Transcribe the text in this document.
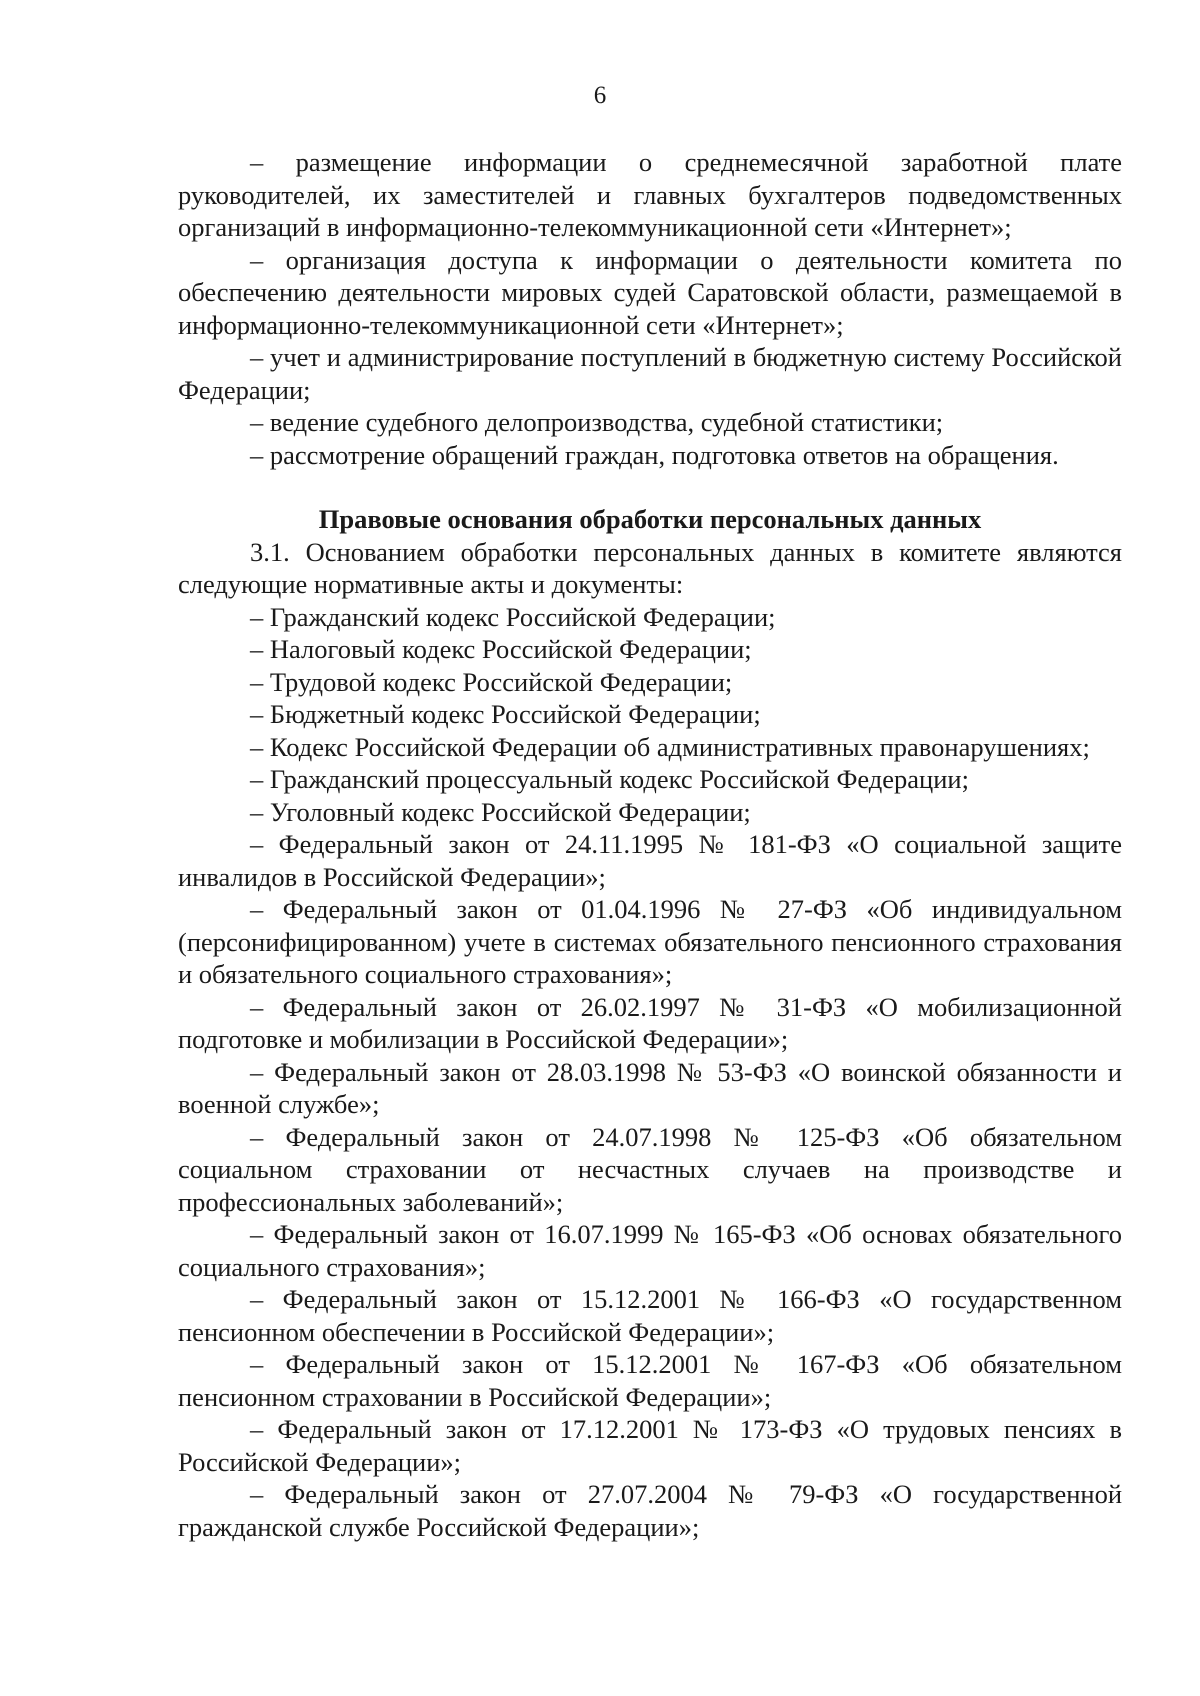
6

– размещение информации о среднемесячной заработной плате руководителей, их заместителей и главных бухгалтеров подведомственных организаций в информационно-телекоммуникационной сети «Интернет»;

– организация доступа к информации о деятельности комитета по обеспечению деятельности мировых судей Саратовской области, размещаемой в информационно-телекоммуникационной сети «Интернет»;

– учет и администрирование поступлений в бюджетную систему Российской Федерации;

– ведение судебного делопроизводства, судебной статистики;

– рассмотрение обращений граждан, подготовка ответов на обращения.

Правовые основания обработки персональных данных

3.1. Основанием обработки персональных данных в комитете являются следующие нормативные акты и документы:

– Гражданский кодекс Российской Федерации;

– Налоговый кодекс Российской Федерации;

– Трудовой кодекс Российской Федерации;

– Бюджетный кодекс Российской Федерации;

– Кодекс Российской Федерации об административных правонарушениях;

– Гражданский процессуальный кодекс Российской Федерации;

– Уголовный кодекс Российской Федерации;

– Федеральный закон от 24.11.1995 № 181-ФЗ «О социальной защите инвалидов в Российской Федерации»;

– Федеральный закон от 01.04.1996 № 27-ФЗ «Об индивидуальном (персонифицированном) учете в системах обязательного пенсионного страхования и обязательного социального страхования»;

– Федеральный закон от 26.02.1997 № 31-ФЗ «О мобилизационной подготовке и мобилизации в Российской Федерации»;

– Федеральный закон от 28.03.1998 № 53-ФЗ «О воинской обязанности и военной службе»;

– Федеральный закон от 24.07.1998 № 125-ФЗ «Об обязательном социальном страховании от несчастных случаев на производстве и профессиональных заболеваний»;

– Федеральный закон от 16.07.1999 № 165-ФЗ «Об основах обязательного социального страхования»;

– Федеральный закон от 15.12.2001 № 166-ФЗ «О государственном пенсионном обеспечении в Российской Федерации»;

– Федеральный закон от 15.12.2001 № 167-ФЗ «Об обязательном пенсионном страховании в Российской Федерации»;

– Федеральный закон от 17.12.2001 № 173-ФЗ «О трудовых пенсиях в Российской Федерации»;

– Федеральный закон от 27.07.2004 № 79-ФЗ «О государственной гражданской службе Российской Федерации»;
